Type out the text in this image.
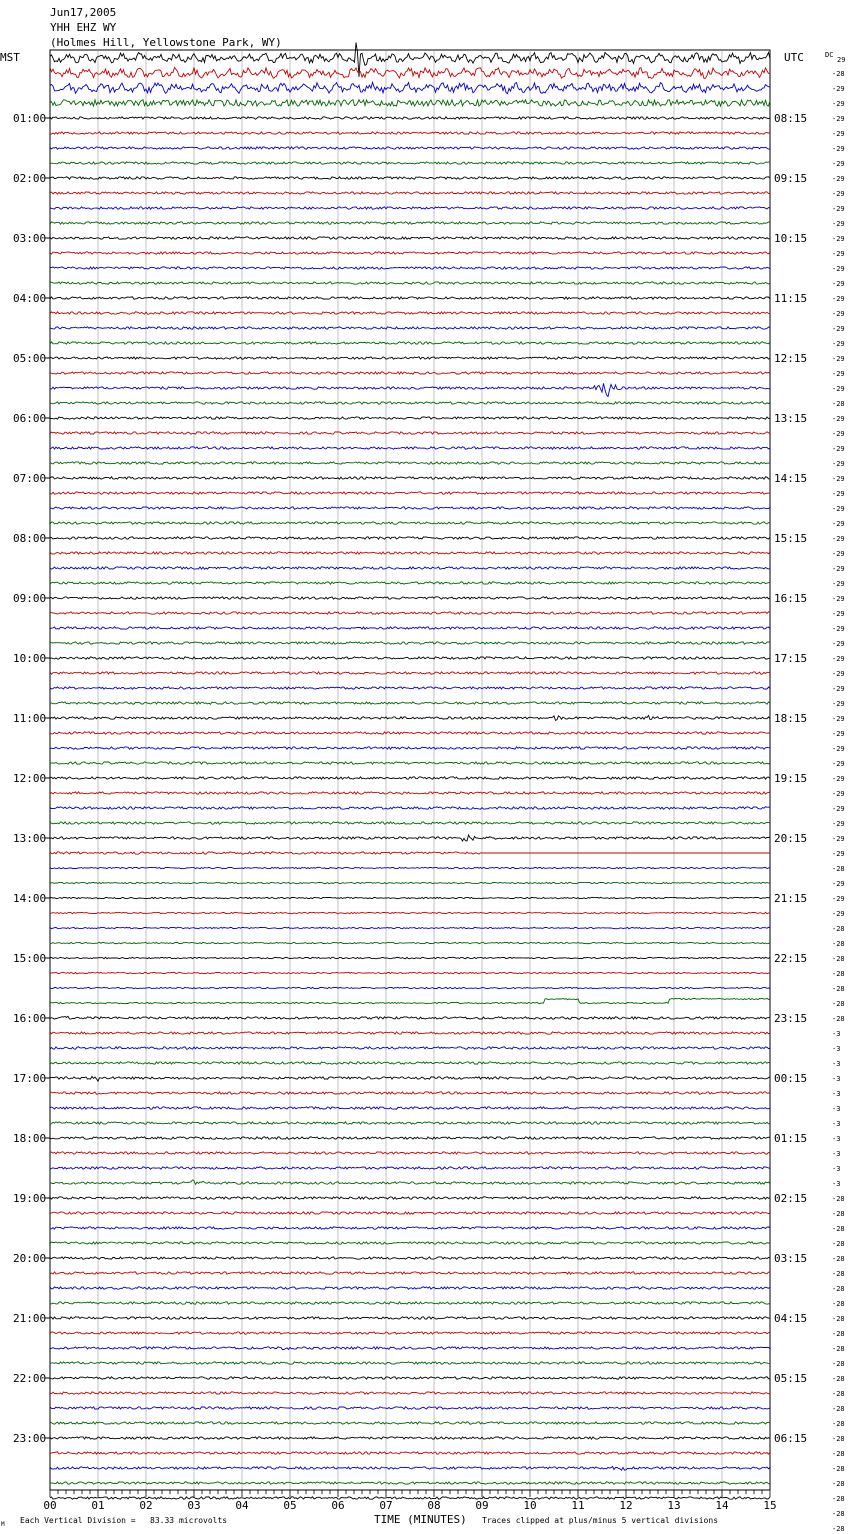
Jun17,2005
YHH EHZ WY
(Holmes Hill, Yellowstone Park, WY)
MST	UTC	DC
29
01:00
02:00
03:00
04:00
05:00
06:00
07:00
08:00
09:00
10:00
11:00
12:00
13:00
14:00
15:00
16:00
17:00
18:00
19:00
20:00
21:00
22:00
23:00
08:15
09:15
10:15
11:15
12:15
13:15
14:15
15:15
16:15
17:15
18:15
19:15
20:15
21:15
22:15
23:15
00:15
01:15
02:15
03:15
04:15
05:15
06:15
-28
-29
-29
-29
-29
-29
-29
-29
-29
-29
-29
-29
-29
-29
-29
-29
-29
-29
-29
-29
-29
-29
-28
-29
-29
-29
-29
-29
-29
-29
-29
-29
-29
-29
-29
-29
-29
-29
-29
-29
-29
-29
-29
-29
-29
-29
-29
-29
-29
-29
-29
-29
-29
-28
-29
-29
-29
-28
-28
-28
-28
-28
-28
-28
-3
-3
-3
-3
-3
-3
-3
-3
-3
-3
-3
-28
-28
-28
-28
-28
-28
-28
-28
-28
-28
-28
-28
-28
-28
-28
-28
-28
-28
-28
-28
-28
-28
-28
00	01	02	03	04	05	06	07	08	09	10	11	12	13	14	15
M Each Vertical Division =   83.33 microvolts	TIME (MINUTES) Traces clipped at plus/minus 5 vertical divisions
